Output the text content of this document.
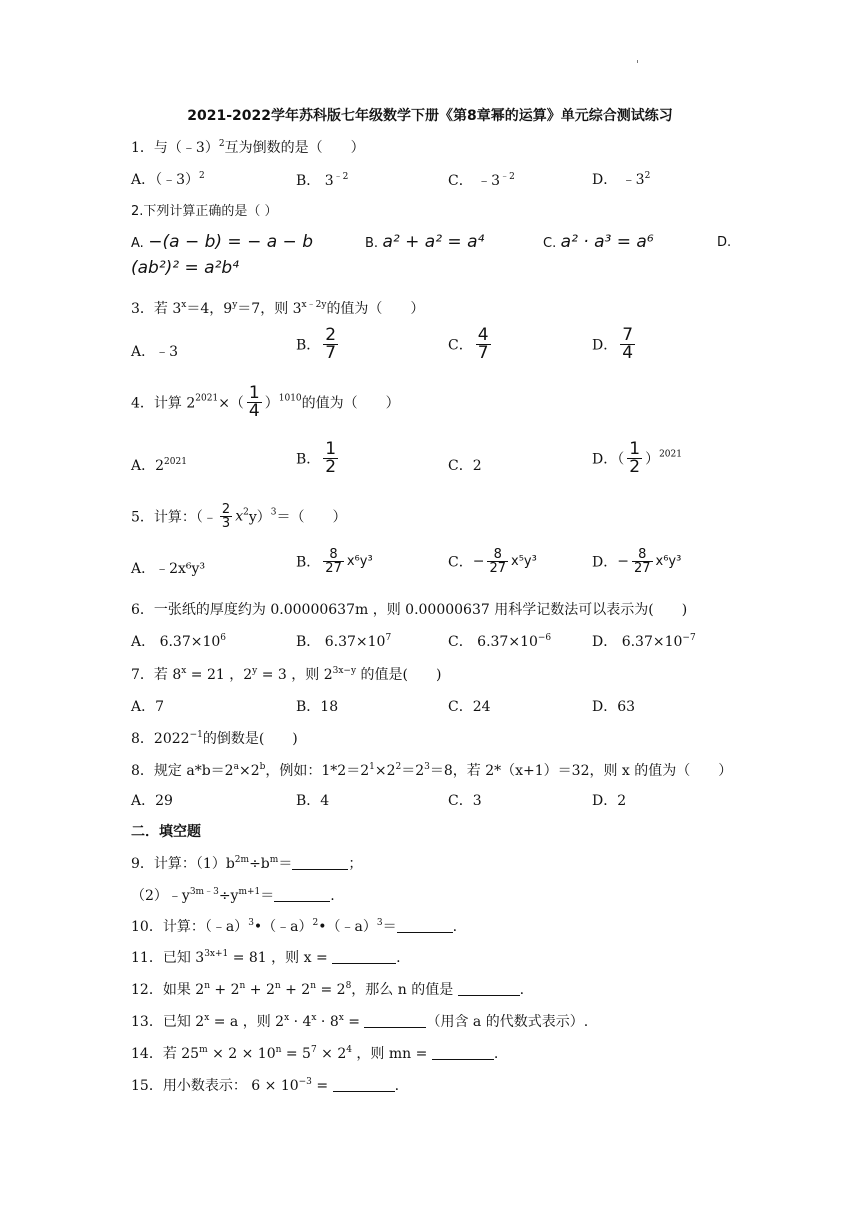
'
2021-2022学年苏科版七年级数学下册《第8章幂的运算》单元综合测试练习
1．与（﹣3）$^2$互为倒数的是（　　）
A．（﹣3）$^2$	B． $3^{﹣2}$	C． $﹣3^{﹣2}$	D． $﹣3^2$
2.下列计算正确的是（ ）
A. −(a − b) = − a − b	B. a² + a² = a⁴	C. a² · a³ = a⁶	D.
(ab²)² = a²b⁴
3．若 $3^x=4$，$9^y=7$，则 $3^{x﹣2y}$的值为（　　）
A．﹣3	B． $\frac{2}{7}$	C． $\frac{4}{7}$	D． $\frac{7}{4}$
4．计算 $2^{2021}\times( \frac{1}{4} )^{1010}$的值为（　　）
A．$2^{2021}$	B． $\frac{1}{2}$	C．2	D．（ $\frac{1}{2} )^{2021}$
5．计算：（﹣ $\frac{2}{3} x^2y)^3=$（　　）
A．﹣2x⁶y³	B． $\frac{8}{27} x^6y^3$	C．− $\frac{8}{27} x^5y^3$	D．− $\frac{8}{27} x^6y^3$
6．一张纸的厚度约为 0.00000637m ，则 0.00000637 用科学记数法可以表示为(　　)
A． $6.37\times 10^6$	B． $6.37\times 10^7$	C． $6.37\times 10^{-6}$	D． $6.37\times 10^{-7}$
7．若 $8^x = 21$ ，$2^y = 3$ ，则 $2^{3x-y}$ 的值是(　　)
A．7	B．18	C．24	D．63
8．$2022^{-1}$的倒数是(　　)
8．规定 $a*b=2^a\times 2^b$，例如：$1*2=2^1\times 2^2=2^3=8$，若 2*（x+1）＝32，则 x 的值为（　　）
A．29	B．4	C．3	D．2
二．填空题
9．计算：$(1)b^{2m}\div b^m=$	；
$(2)﹣y^{3m﹣3}\div y^{m+1}=$	.
10．计算：（﹣a）$^3$•（﹣a）$^2$•（﹣a）$^3$＝	.
11．已知 $3^{3x+1} = 81$ ，则 x =	.
12．如果 $2^n + 2^n + 2^n + 2^n = 2^8$，那么 n 的值是	.
13．已知 $2^x = a$ ，则 $2^x \cdot 4^x \cdot 8^x$ =	（用含 a 的代数式表示）.
14．若 $25^m \times 2 \times 10^n = 5^7 \times 2^4$ ，则 mn =	.
15．用小数表示： $6 \times 10^{-3}$ =	.
